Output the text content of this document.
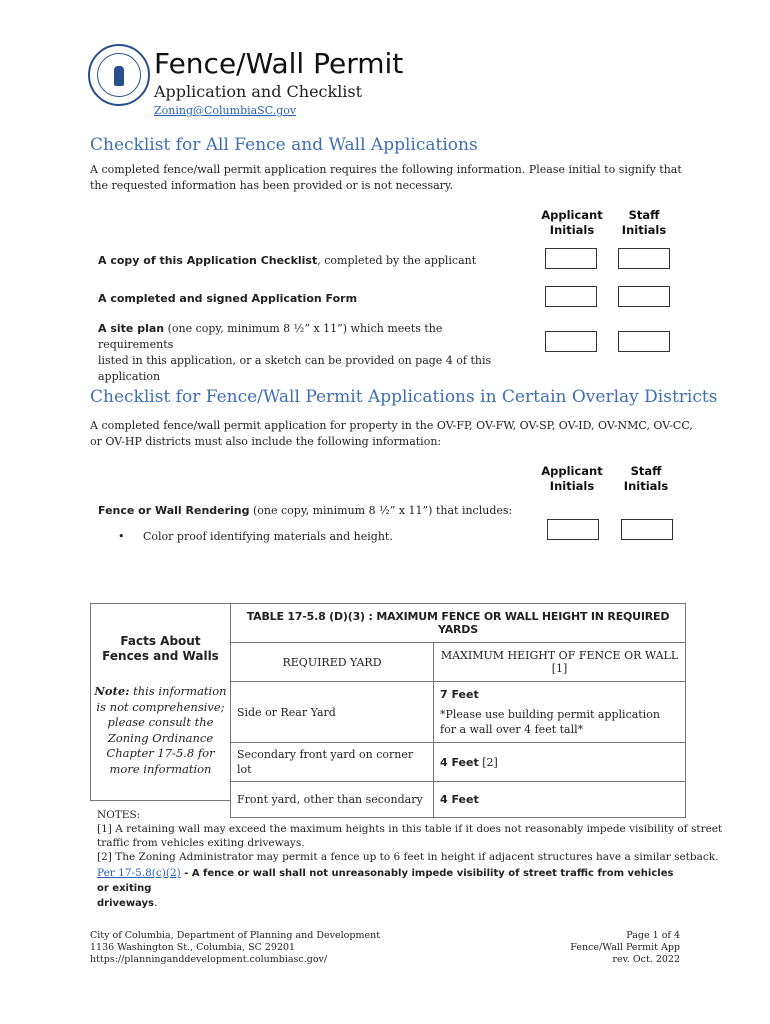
Fence/Wall Permit
Application and Checklist
Zoning@ColumbiaSC.gov
Checklist for All Fence and Wall Applications
A completed fence/wall permit application requires the following information. Please initial to signify that
the requested information has been provided or is not necessary.
Applicant
Initials
Staff
Initials
A copy of this Application Checklist, completed by the applicant
A completed and signed Application Form
A site plan (one copy, minimum 8 ½” x 11”) which meets the requirements
listed in this application, or a sketch can be provided on page 4 of this
application
Checklist for Fence/Wall Permit Applications in Certain Overlay Districts
A completed fence/wall permit application for property in the OV-FP, OV-FW, OV-SP, OV-ID, OV-NMC, OV-CC,
or OV-HP districts must also include the following information:
Applicant
Initials
Staff
Initials
Fence or Wall Rendering (one copy, minimum 8 ½” x 11”) that includes:
• Color proof identifying materials and height.
Facts About
Fences and Walls
Note: this information
is not comprehensive;
please consult the
Zoning Ordinance
Chapter 17-5.8 for
more information
TABLE 17-5.8 (D)(3) : MAXIMUM FENCE OR WALL HEIGHT IN REQUIRED YARDS	
REQUIRED YARD	MAXIMUM HEIGHT OF FENCE OR WALL [1]
Side or Rear Yard	7 Feet
*Please use building permit application for a wall over 4 feet tall*

Secondary front yard on corner lot	4 Feet [2]
Front yard, other than secondary	4 Feet
NOTES:
[1] A retaining wall may exceed the maximum heights in this table if it does not reasonably impede visibility of street
traffic from vehicles exiting driveways.
[2] The Zoning Administrator may permit a fence up to 6 feet in height if adjacent structures have a similar setback.
Per 17-5.8(c)(2) - A fence or wall shall not unreasonably impede visibility of street traffic from vehicles or exiting
driveways.
City of Columbia, Department of Planning and Development
1136 Washington St., Columbia, SC 29201
https://planninganddevelopment.columbiasc.gov/
Page 1 of 4
Fence/Wall Permit App
rev. Oct. 2022
